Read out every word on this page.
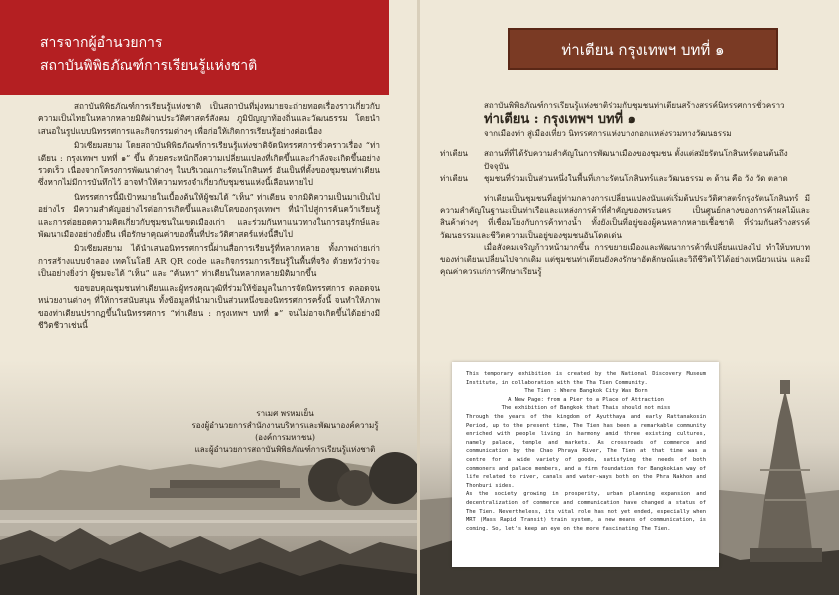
สารจากผู้อำนวยการ
สถาบันพิพิธภัณฑ์การเรียนรู้แห่งชาติ

สถาบันพิพิธภัณฑ์การเรียนรู้แห่งชาติ เป็นสถาบันที่มุ่งหมายจะถ่ายทอดเรื่องราวเกี่ยวกับความเป็นไทยในหลากหลายมิติผ่านประวัติศาสตร์สังคม ภูมิปัญญาท้องถิ่นและวัฒนธรรม โดยนำเสนอในรูปแบบนิทรรศการและกิจกรรมต่างๆ เพื่อก่อให้เกิดการเรียนรู้อย่างต่อเนื่อง

มิวเซียมสยาม โดยสถาบันพิพิธภัณฑ์การเรียนรู้แห่งชาติจัดนิทรรศการชั่วคราวเรื่อง “ท่าเตียน : กรุงเทพฯ บทที่ ๑” ขึ้น ด้วยตระหนักถึงความเปลี่ยนแปลงที่เกิดขึ้นและกำลังจะเกิดขึ้นอย่างรวดเร็ว เนื่องจากโครงการพัฒนาต่างๆ ในบริเวณเกาะรัตนโกสินทร์ อันเป็นที่ตั้งของชุมชนท่าเตียน ซึ่งหากไม่มีการบันทึกไว้ อาจทำให้ความทรงจำเกี่ยวกับชุมชนแห่งนี้เลือนหายไป

นิทรรศการนี้มีเป้าหมายในเบื้องต้นให้ผู้ชมได้ “เห็น” ท่าเตียน จากมิติความเป็นมาเป็นไปอย่างไร มีความสำคัญอย่างไรต่อการเกิดขึ้นและเติบโตของกรุงเทพฯ ที่นำไปสู่การค้นคว้าเรียนรู้และการต่อยอดความคิดเกี่ยวกับชุมชนในเขตเมืองเก่า และร่วมกันหาแนวทางในการอนุรักษ์และพัฒนาเมืองอย่างยั่งยืน เพื่อรักษาคุณค่าของพื้นที่ประวัติศาสตร์แห่งนี้สืบไป

มิวเซียมสยาม ได้นำเสนอนิทรรศการนี้ผ่านสื่อการเรียนรู้ที่หลากหลาย ทั้งภาพถ่ายเก่า การสร้างแบบจำลอง เทคโนโลยี AR QR code และกิจกรรมการเรียนรู้ในพื้นที่จริง ด้วยหวังว่าจะเป็นอย่างยิ่งว่า ผู้ชมจะได้ “เห็น” และ “ค้นหา” ท่าเตียนในหลากหลายมิติมากขึ้น

ขอขอบคุณชุมชนท่าเตียนและผู้ทรงคุณวุฒิที่ร่วมให้ข้อมูลในการจัดนิทรรศการ ตลอดจนหน่วยงานต่างๆ ที่ให้การสนับสนุน ทั้งข้อมูลที่นำมาเป็นส่วนหนึ่งของนิทรรศการครั้งนี้ จนทำให้ภาพของท่าเตียนปรากฏขึ้นในนิทรรศการ “ท่าเตียน : กรุงเทพฯ บทที่ ๑” จนไม่อาจเกิดขึ้นได้อย่างมีชีวิตชีวาเช่นนี้

ราเมศ พรหมเย็น
รองผู้อำนวยการสำนักงานบริหารและพัฒนาองค์ความรู้ (องค์การมหาชน)
และผู้อำนวยการสถาบันพิพิธภัณฑ์การเรียนรู้แห่งชาติ
ท่าเตียน กรุงเทพฯ บทที่ ๑

สถาบันพิพิธภัณฑ์การเรียนรู้แห่งชาติร่วมกับชุมชนท่าเตียนสร้างสรรค์นิทรรศการชั่วคราว

ท่าเตียน : กรุงเทพฯ บทที่ ๑

จากเมืองท่า สู่เมืองเที่ยว นิทรรศการแห่งบางกอกแหล่งรวมทางวัฒนธรรม

ท่าเตียน	สถานที่ที่ได้รับความสำคัญในการพัฒนาเมืองของชุมชน ตั้งแต่สมัยรัตนโกสินทร์ตอนต้นถึงปัจจุบัน
ท่าเตียน	ชุมชนที่ร่วมเป็นส่วนหนึ่งในพื้นที่เกาะรัตนโกสินทร์และวัฒนธรรม ๓ ด้าน คือ วัง วัด ตลาด

ท่าเตียนเป็นชุมชนที่อยู่ท่ามกลางการเปลี่ยนแปลงนับแต่เริ่มต้นประวัติศาสตร์กรุงรัตนโกสินทร์ มีความสำคัญในฐานะเป็นท่าเรือและแหล่งการค้าที่สำคัญของพระนคร เป็นศูนย์กลางของการค้าผลไม้และสินค้าต่างๆ ที่เชื่อมโยงกับการค้าทางน้ำ ทั้งยังเป็นที่อยู่ของผู้คนหลากหลายเชื้อชาติ ที่ร่วมกันสร้างสรรค์วัฒนธรรมและชีวิตความเป็นอยู่ของชุมชนอันโดดเด่น

เมื่อสังคมเจริญก้าวหน้ามากขึ้น การขยายเมืองและพัฒนาการค้าที่เปลี่ยนแปลงไป ทำให้บทบาทของท่าเตียนเปลี่ยนไปจากเดิม แต่ชุมชนท่าเตียนยังคงรักษาอัตลักษณ์และวิถีชีวิตไว้ได้อย่างเหนียวแน่น และมีคุณค่าควรแก่การศึกษาเรียนรู้

This temporary exhibition is created by the National Discovery Museum Institute, in collaboration with the Tha Tien Community.

The Tien : Where Bangkok City Was Born

A New Page: from a Pier to a Place of Attraction

The exhibition of Bangkok that Thais should not miss

Through the years of the kingdom of Ayutthaya and early Rattanakosin Period, up to the present time, The Tien has been a remarkable community enriched with people living in harmony amid three existing cultures, namely palace, temple and markets. As crossroads of commerce and communication by the Chao Phraya River, The Tien at that time was a centre for a wide variety of goods, satisfying the needs of both commoners and palace members, and a firm foundation for Bangkokian way of life related to river, canals and water-ways both on the Phra Nakhon and Thonburi sides.

As the society growing in prosperity, urban planning expansion and decentralization of commerce and communication have changed a status of The Tien. Nevertheless, its vital role has not yet ended, especially when MRT (Mass Rapid Transit) train system, a new means of communication, is coming. So, let's keep an eye on the more fascinating The Tien.
